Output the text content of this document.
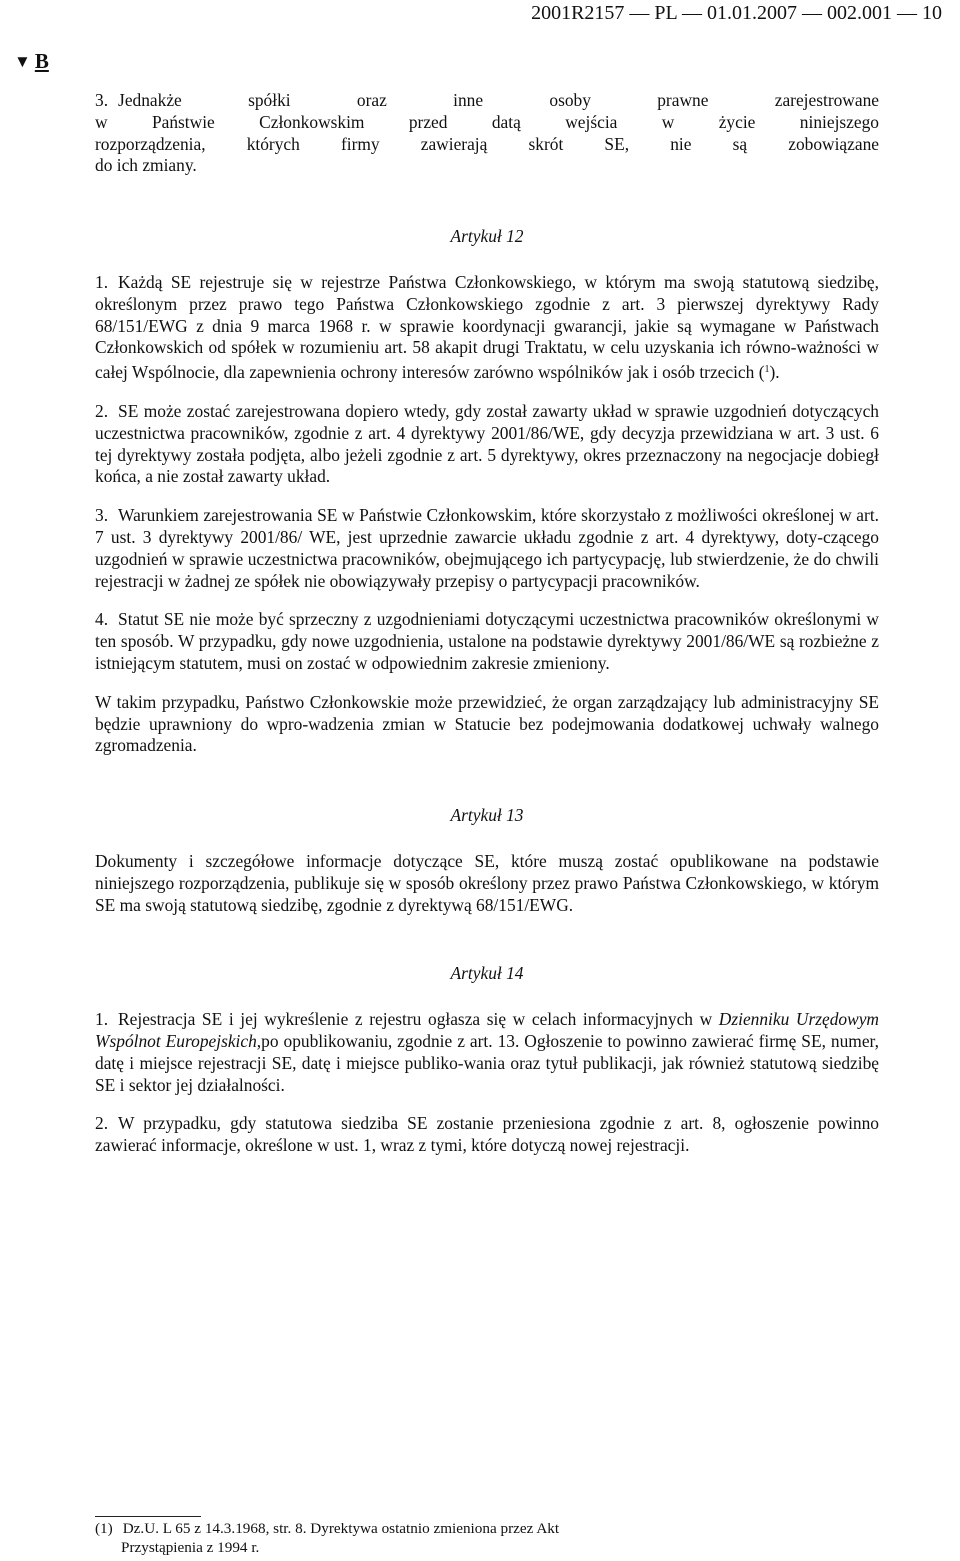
2001R2157 — PL — 01.01.2007 — 002.001 — 10
▼ B
3. Jednakże spółki oraz inne osoby prawne zarejestrowane
w Państwie Członkowskim przed datą wejścia w życie niniejszego
rozporządzenia, których firmy zawierają skrót SE, nie są zobowiązane
do ich zmiany.
Artykuł 12
1. Każdą SE rejestruje się w rejestrze Państwa Członkowskiego, w którym ma swoją statutową siedzibę, określonym przez prawo tego Państwa Członkowskiego zgodnie z art. 3 pierwszej dyrektywy Rady 68/151/EWG z dnia 9 marca 1968 r. w sprawie koordynacji gwarancji, jakie są wymagane w Państwach Członkowskich od spółek w rozumieniu art. 58 akapit drugi Traktatu, w celu uzyskania ich równo-ważności w całej Wspólnocie, dla zapewnienia ochrony interesów zarówno wspólników jak i osób trzecich ($^1$).
2. SE może zostać zarejestrowana dopiero wtedy, gdy został zawarty układ w sprawie uzgodnień dotyczących uczestnictwa pracowników, zgodnie z art. 4 dyrektywy 2001/86/WE, gdy decyzja przewidziana w art. 3 ust. 6 tej dyrektywy została podjęta, albo jeżeli zgodnie z art. 5 dyrektywy, okres przeznaczony na negocjacje dobiegł końca, a nie został zawarty układ.
3. Warunkiem zarejestrowania SE w Państwie Członkowskim, które skorzystało z możliwości określonej w art. 7 ust. 3 dyrektywy 2001/86/ WE, jest uprzednie zawarcie układu zgodnie z art. 4 dyrektywy, doty-czącego uzgodnień w sprawie uczestnictwa pracowników, obejmującego ich partycypację, lub stwierdzenie, że do chwili rejestracji w żadnej ze spółek nie obowiązywały przepisy o partycypacji pracowników.
4. Statut SE nie może być sprzeczny z uzgodnieniami dotyczącymi uczestnictwa pracowników określonymi w ten sposób. W przypadku, gdy nowe uzgodnienia, ustalone na podstawie dyrektywy 2001/86/WE są rozbieżne z istniejącym statutem, musi on zostać w odpowiednim zakresie zmieniony.
W takim przypadku, Państwo Członkowskie może przewidzieć, że organ zarządzający lub administracyjny SE będzie uprawniony do wpro-wadzenia zmian w Statucie bez podejmowania dodatkowej uchwały walnego zgromadzenia.
Artykuł 13
Dokumenty i szczegółowe informacje dotyczące SE, które muszą zostać opublikowane na podstawie niniejszego rozporządzenia, publikuje się w sposób określony przez prawo Państwa Członkowskiego, w którym SE ma swoją statutową siedzibę, zgodnie z dyrektywą 68/151/EWG.
Artykuł 14
1. Rejestracja SE i jej wykreślenie z rejestru ogłasza się w celach informacyjnych w Dzienniku Urzędowym Wspólnot Europejskich,po opublikowaniu, zgodnie z art. 13. Ogłoszenie to powinno zawierać firmę SE, numer, datę i miejsce rejestracji SE, datę i miejsce publiko-wania oraz tytuł publikacji, jak również statutową siedzibę SE i sektor jej działalności.
2. W przypadku, gdy statutowa siedziba SE zostanie przeniesiona zgodnie z art. 8, ogłoszenie powinno zawierać informacje, określone w ust. 1, wraz z tymi, które dotyczą nowej rejestracji.
(1) Dz.U. L 65 z 14.3.1968, str. 8. Dyrektywa ostatnio zmieniona przez Akt
Przystąpienia z 1994 r.
